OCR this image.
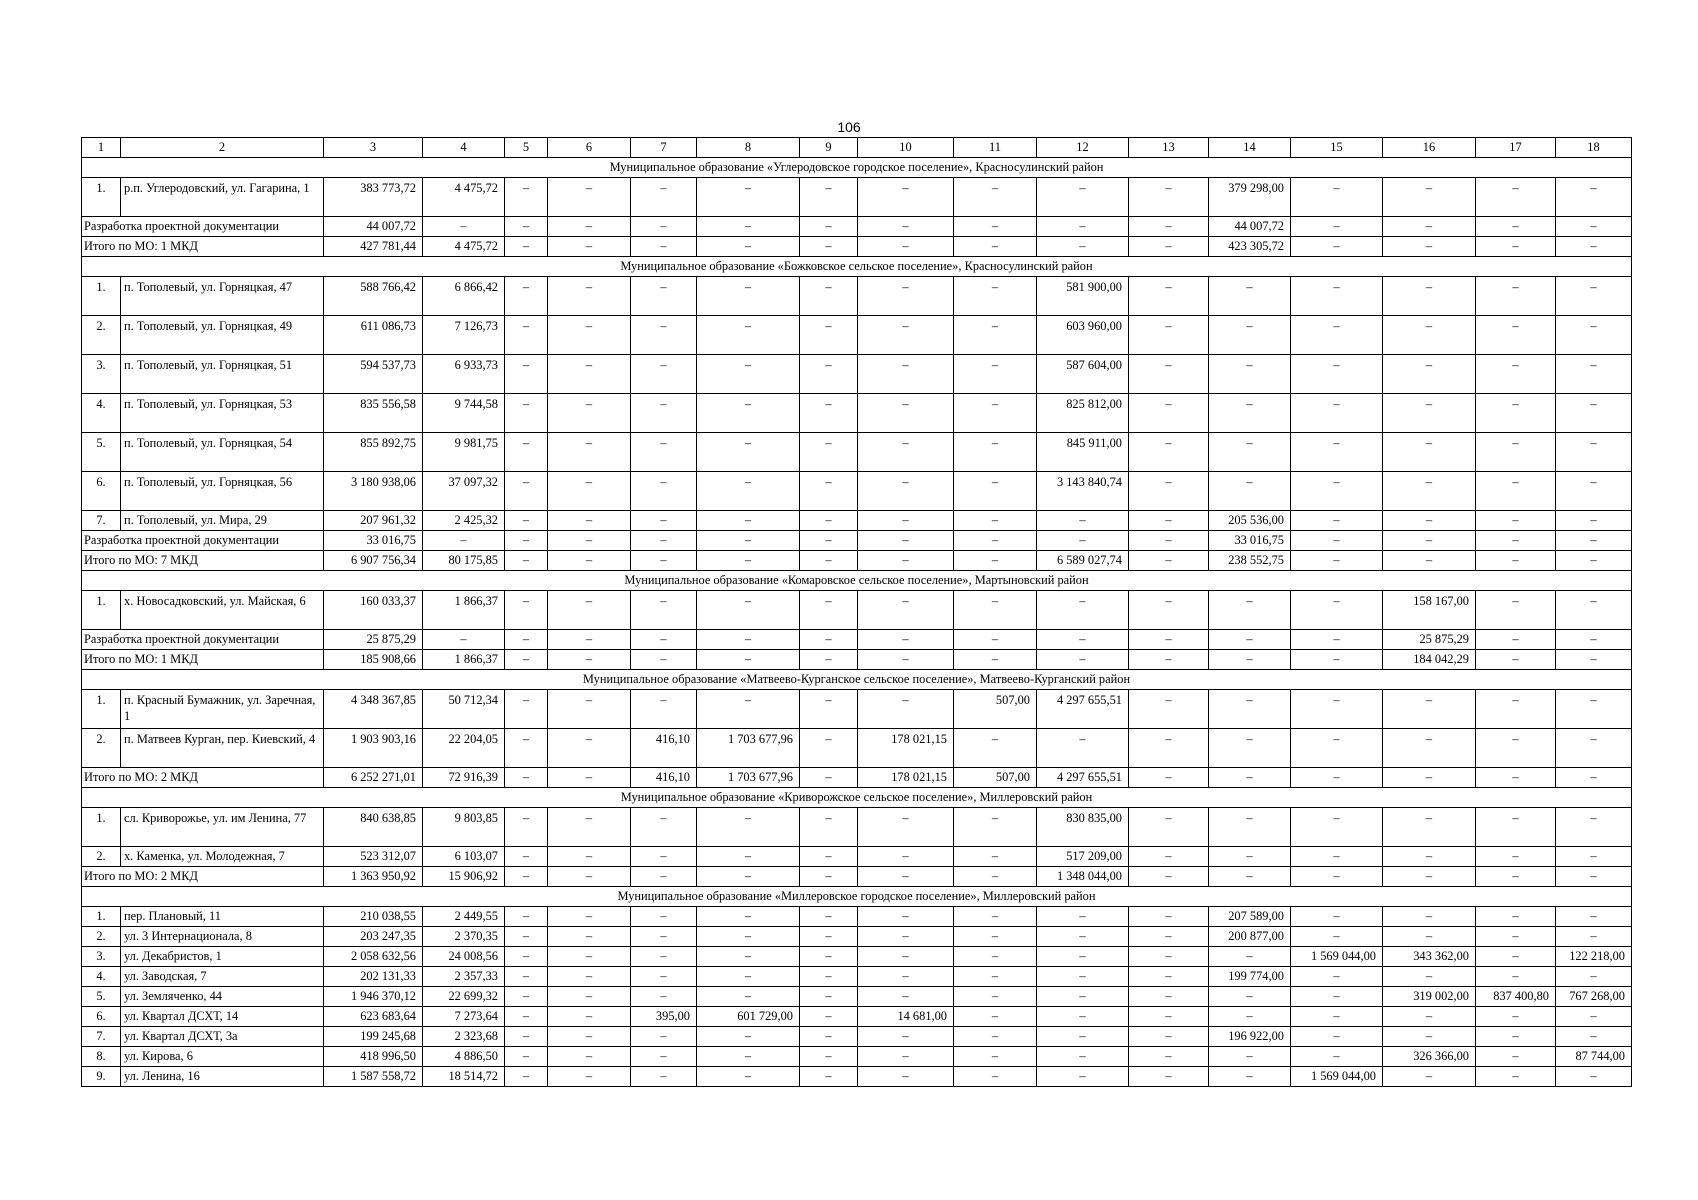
106
1	2	3	4	5	6	7	8	9	10	11	12	13	14	15	16	17	18
Муниципальное образование «Углеродовское городское поселение», Красносулинский район																	
1.	р.п. Углеродовский, ул. Гагарина, 1	383 773,72	4 475,72	–	–	–	–	–	–	–	–	–	379 298,00	–	–	–	–
Разработка проектной документации		44 007,72	–	–	–	–	–	–	–	–	–	–	44 007,72	–	–	–	–
Итого по МО: 1 МКД		427 781,44	4 475,72	–	–	–	–	–	–	–	–	–	423 305,72	–	–	–	–
Муниципальное образование «Божковское сельское поселение», Красносулинский район																	
1.	п. Тополевый, ул. Горняцкая, 47	588 766,42	6 866,42	–	–	–	–	–	–	–	581 900,00	–	–	–	–	–	–
2.	п. Тополевый, ул. Горняцкая, 49	611 086,73	7 126,73	–	–	–	–	–	–	–	603 960,00	–	–	–	–	–	–
3.	п. Тополевый, ул. Горняцкая, 51	594 537,73	6 933,73	–	–	–	–	–	–	–	587 604,00	–	–	–	–	–	–
4.	п. Тополевый, ул. Горняцкая, 53	835 556,58	9 744,58	–	–	–	–	–	–	–	825 812,00	–	–	–	–	–	–
5.	п. Тополевый, ул. Горняцкая, 54	855 892,75	9 981,75	–	–	–	–	–	–	–	845 911,00	–	–	–	–	–	–
6.	п. Тополевый, ул. Горняцкая, 56	3 180 938,06	37 097,32	–	–	–	–	–	–	–	3 143 840,74	–	–	–	–	–	–
7.	п. Тополевый, ул. Мира, 29	207 961,32	2 425,32	–	–	–	–	–	–	–	–	–	205 536,00	–	–	–	–
Разработка проектной документации		33 016,75	–	–	–	–	–	–	–	–	–	–	33 016,75	–	–	–	–
Итого по МО: 7 МКД		6 907 756,34	80 175,85	–	–	–	–	–	–	–	6 589 027,74	–	238 552,75	–	–	–	–
Муниципальное образование «Комаровское сельское поселение», Мартыновский район																	
1.	х. Новосадковский, ул. Майская, 6	160 033,37	1 866,37	–	–	–	–	–	–	–	–	–	–	–	158 167,00	–	–
Разработка проектной документации		25 875,29	–	–	–	–	–	–	–	–	–	–	–	–	25 875,29	–	–
Итого по МО: 1 МКД		185 908,66	1 866,37	–	–	–	–	–	–	–	–	–	–	–	184 042,29	–	–
Муниципальное образование «Матвеево-Курганское сельское поселение», Матвеево-Курганский район																	
1.	п. Красный Бумажник, ул. Заречная, 1	4 348 367,85	50 712,34	–	–	–	–	–	–	507,00	4 297 655,51	–	–	–	–	–	–
2.	п. Матвеев Курган, пер. Киевский, 4	1 903 903,16	22 204,05	–	–	416,10	1 703 677,96	–	178 021,15	–	–	–	–	–	–	–	–
Итого по МО: 2 МКД		6 252 271,01	72 916,39	–	–	416,10	1 703 677,96	–	178 021,15	507,00	4 297 655,51	–	–	–	–	–	–
Муниципальное образование «Криворожское сельское поселение», Миллеровский район																	
1.	сл. Криворожье, ул. им Ленина, 77	840 638,85	9 803,85	–	–	–	–	–	–	–	830 835,00	–	–	–	–	–	–
2.	х. Каменка, ул. Молодежная, 7	523 312,07	6 103,07	–	–	–	–	–	–	–	517 209,00	–	–	–	–	–	–
Итого по МО: 2 МКД		1 363 950,92	15 906,92	–	–	–	–	–	–	–	1 348 044,00	–	–	–	–	–	–
Муниципальное образование «Миллеровское городское поселение», Миллеровский район																	
1.	пер. Плановый, 11	210 038,55	2 449,55	–	–	–	–	–	–	–	–	–	207 589,00	–	–	–	–
2.	ул. 3 Интернационала, 8	203 247,35	2 370,35	–	–	–	–	–	–	–	–	–	200 877,00	–	–	–	–
3.	ул. Декабристов, 1	2 058 632,56	24 008,56	–	–	–	–	–	–	–	–	–	–	1 569 044,00	343 362,00	–	122 218,00
4.	ул. Заводская, 7	202 131,33	2 357,33	–	–	–	–	–	–	–	–	–	199 774,00	–	–	–	–
5.	ул. Земляченко, 44	1 946 370,12	22 699,32	–	–	–	–	–	–	–	–	–	–	–	319 002,00	837 400,80	767 268,00
6.	ул. Квартал ДСХТ, 14	623 683,64	7 273,64	–	–	395,00	601 729,00	–	14 681,00	–	–	–	–	–	–	–	–
7.	ул. Квартал ДСХТ, 3а	199 245,68	2 323,68	–	–	–	–	–	–	–	–	–	196 922,00	–	–	–	–
8.	ул. Кирова, 6	418 996,50	4 886,50	–	–	–	–	–	–	–	–	–	–	–	326 366,00	–	87 744,00
9.	ул. Ленина, 16	1 587 558,72	18 514,72	–	–	–	–	–	–	–	–	–	–	1 569 044,00	–	–	–
